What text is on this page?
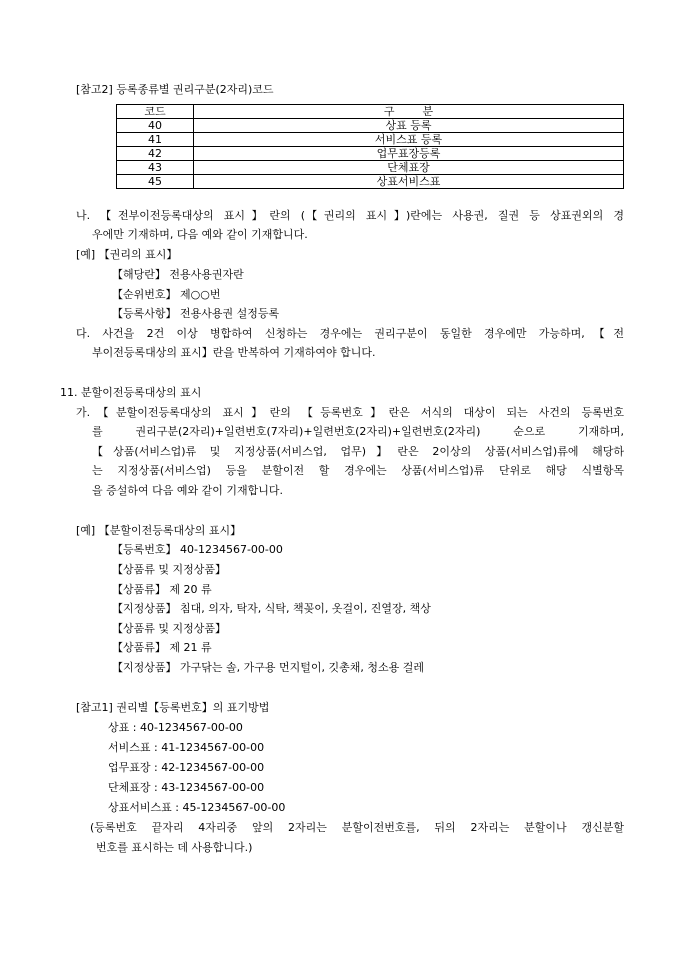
[참고2] 등록종류별 권리구분(2자리)코드
코드	구        분
40	상표 등록
41	서비스표 등록
42	업무표장등록
43	단체표장
45	상표서비스표
나. 【전부이전등록대상의 표시】란의 (【권리의 표시】)란에는 사용권, 질권 등 상표권외의 경
우에만 기재하며, 다음 예와 같이 기재합니다.
[예] 【권리의 표시】
【해당란】 전용사용권자란
【순위번호】 제○○번
【등록사항】 전용사용권 설정등록
다. 사건을 2건 이상 병합하여 신청하는 경우에는 권리구분이 동일한 경우에만 가능하며,【전
부이전등록대상의 표시】란을 반복하여 기재하여야 합니다.
11. 분할이전등록대상의 표시
가.【분할이전등록대상의 표시】란의 【등록번호】란은 서식의 대상이 되는 사건의 등록번호
를 권리구분(2자리)+일련번호(7자리)+일련번호(2자리)+일련번호(2자리) 순으로 기재하며,
【상품(서비스업)류 및 지정상품(서비스업, 업무)】란은 2이상의 상품(서비스업)류에 해당하
는 지정상품(서비스업) 등을 분할이전 할 경우에는 상품(서비스업)류 단위로 해당 식별항목
을 증설하여 다음 예와 같이 기재합니다.
[예] 【분할이전등록대상의 표시】
【등록번호】 40-1234567-00-00
【상품류 및 지정상품】
【상품류】 제 20 류
【지정상품】 침대, 의자, 탁자, 식탁, 책꽂이, 옷걸이, 진열장, 책상
【상품류 및 지정상품】
【상품류】 제 21 류
【지정상품】 가구닦는 솔, 가구용 먼지털이, 깃총채, 청소용 걸레
[참고1] 권리별【등록번호】의 표기방법
상표 : 40-1234567-00-00
서비스표 : 41-1234567-00-00
업무표장 : 42-1234567-00-00
단체표장 : 43-1234567-00-00
상표서비스표 : 45-1234567-00-00
(등록번호 끝자리 4자리중 앞의 2자리는 분할이전번호를, 뒤의 2자리는 분할이나 갱신분할
번호를 표시하는 데 사용합니다.)
